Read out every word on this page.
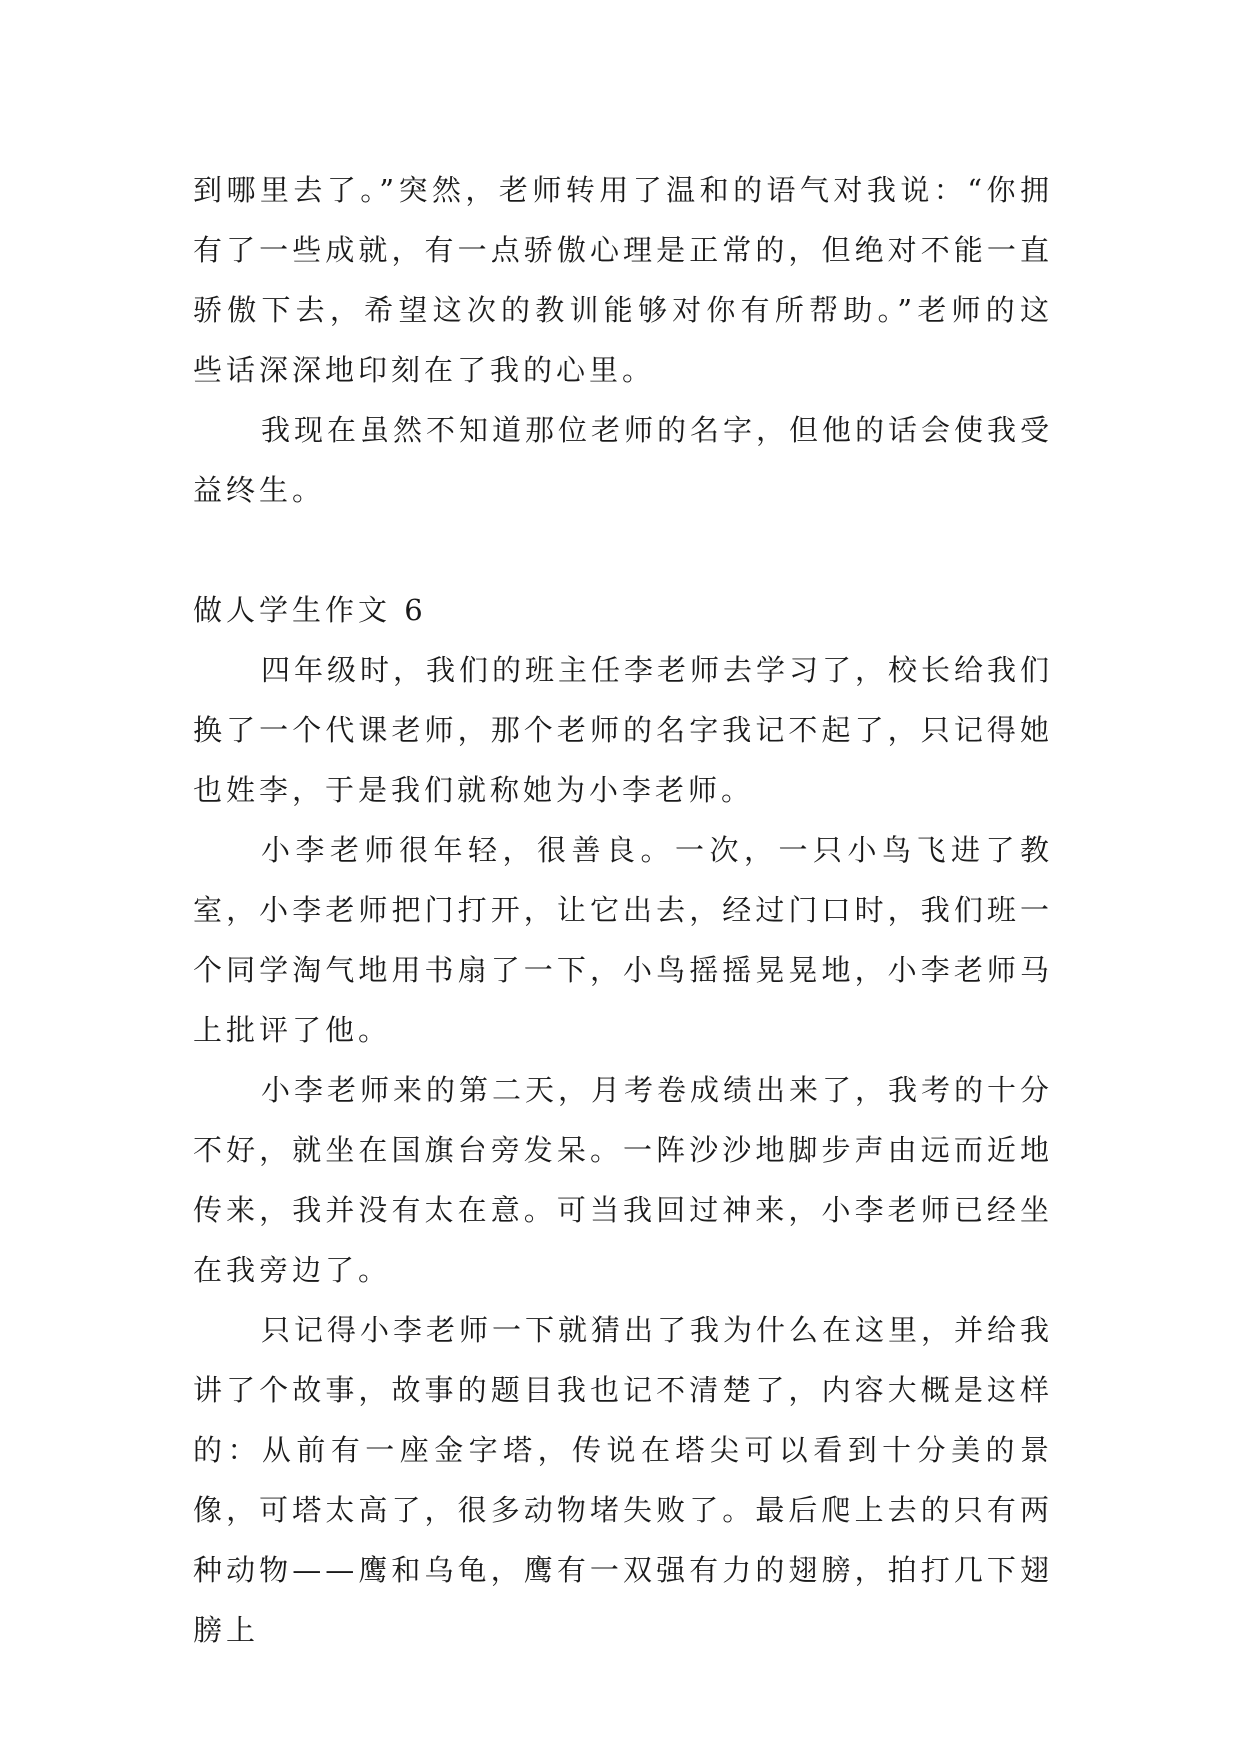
到哪里去了。”突然，老师转用了温和的语气对我说：“你拥有了一些成就，有一点骄傲心理是正常的，但绝对不能一直骄傲下去，希望这次的教训能够对你有所帮助。”老师的这些话深深地印刻在了我的心里。

我现在虽然不知道那位老师的名字，但他的话会使我受益终生。

做人学生作文 6

四年级时，我们的班主任李老师去学习了，校长给我们换了一个代课老师，那个老师的名字我记不起了，只记得她也姓李，于是我们就称她为小李老师。

小李老师很年轻，很善良。一次，一只小鸟飞进了教室，小李老师把门打开，让它出去，经过门口时，我们班一个同学淘气地用书扇了一下，小鸟摇摇晃晃地，小李老师马上批评了他。

小李老师来的第二天，月考卷成绩出来了，我考的十分不好，就坐在国旗台旁发呆。一阵沙沙地脚步声由远而近地传来，我并没有太在意。可当我回过神来，小李老师已经坐在我旁边了。

只记得小李老师一下就猜出了我为什么在这里，并给我讲了个故事，故事的题目我也记不清楚了，内容大概是这样的：从前有一座金字塔，传说在塔尖可以看到十分美的景像，可塔太高了，很多动物堵失败了。最后爬上去的只有两种动物——鹰和乌龟，鹰有一双强有力的翅膀，拍打几下翅膀上
